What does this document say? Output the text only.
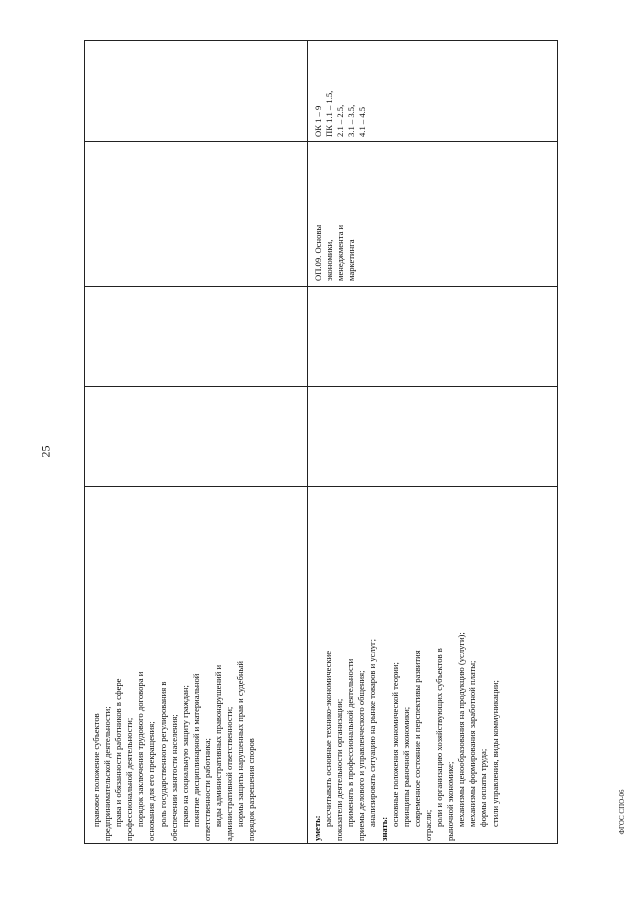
25
ФГОС СПО-06
правовое положение субъектов предпринимательской деятельности; права и обязанности работников в сфере профессиональной деятельности; порядок заключения трудового договора и основания для его прекращения; роль государственного регулирования в обеспечении занятости населения; право на социальную защиту граждан; понятие дисциплинарной и материальной ответственности работника; виды административных правонарушений и административной ответственности; нормы защиты нарушенных прав и судебный порядок разрешения споров	уметь:
рассчитывать основные технико-экономические показатели деятельности организации; применять в профессиональной деятельности приемы делового и управленческого общения; анализировать ситуацию на рынке товаров и услуг;
знать:
основные положения экономической теории; принципы рыночной экономики; современное состояние и перспективы развития отрасли; роли и организацию хозяйствующих субъектов в рыночной экономике; механизмы ценообразования на продукцию (услуги); механизмы формирования заработной платы; формы оплаты труда; стили управления, виды коммуникации;
ОП.09. Основы экономики, менеджмента и маркетинга
ОК 1 – 9 ПК 1.1 – 1.5, 2.1 – 2.5, 3.1 – 3.5, 4.1 – 4.5
